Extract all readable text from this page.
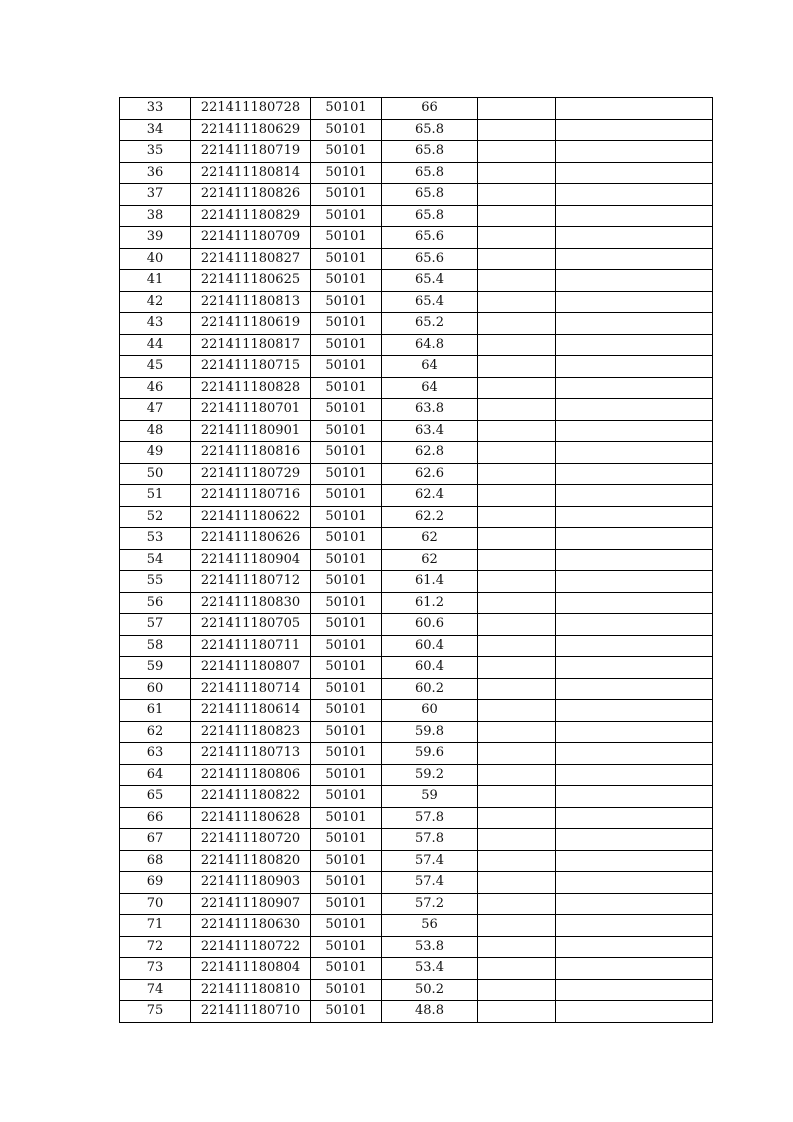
33	221411180728	50101	66		
34	221411180629	50101	65.8		
35	221411180719	50101	65.8		
36	221411180814	50101	65.8		
37	221411180826	50101	65.8		
38	221411180829	50101	65.8		
39	221411180709	50101	65.6		
40	221411180827	50101	65.6		
41	221411180625	50101	65.4		
42	221411180813	50101	65.4		
43	221411180619	50101	65.2		
44	221411180817	50101	64.8		
45	221411180715	50101	64		
46	221411180828	50101	64		
47	221411180701	50101	63.8		
48	221411180901	50101	63.4		
49	221411180816	50101	62.8		
50	221411180729	50101	62.6		
51	221411180716	50101	62.4		
52	221411180622	50101	62.2		
53	221411180626	50101	62		
54	221411180904	50101	62		
55	221411180712	50101	61.4		
56	221411180830	50101	61.2		
57	221411180705	50101	60.6		
58	221411180711	50101	60.4		
59	221411180807	50101	60.4		
60	221411180714	50101	60.2		
61	221411180614	50101	60		
62	221411180823	50101	59.8		
63	221411180713	50101	59.6		
64	221411180806	50101	59.2		
65	221411180822	50101	59		
66	221411180628	50101	57.8		
67	221411180720	50101	57.8		
68	221411180820	50101	57.4		
69	221411180903	50101	57.4		
70	221411180907	50101	57.2		
71	221411180630	50101	56		
72	221411180722	50101	53.8		
73	221411180804	50101	53.4		
74	221411180810	50101	50.2		
75	221411180710	50101	48.8		
